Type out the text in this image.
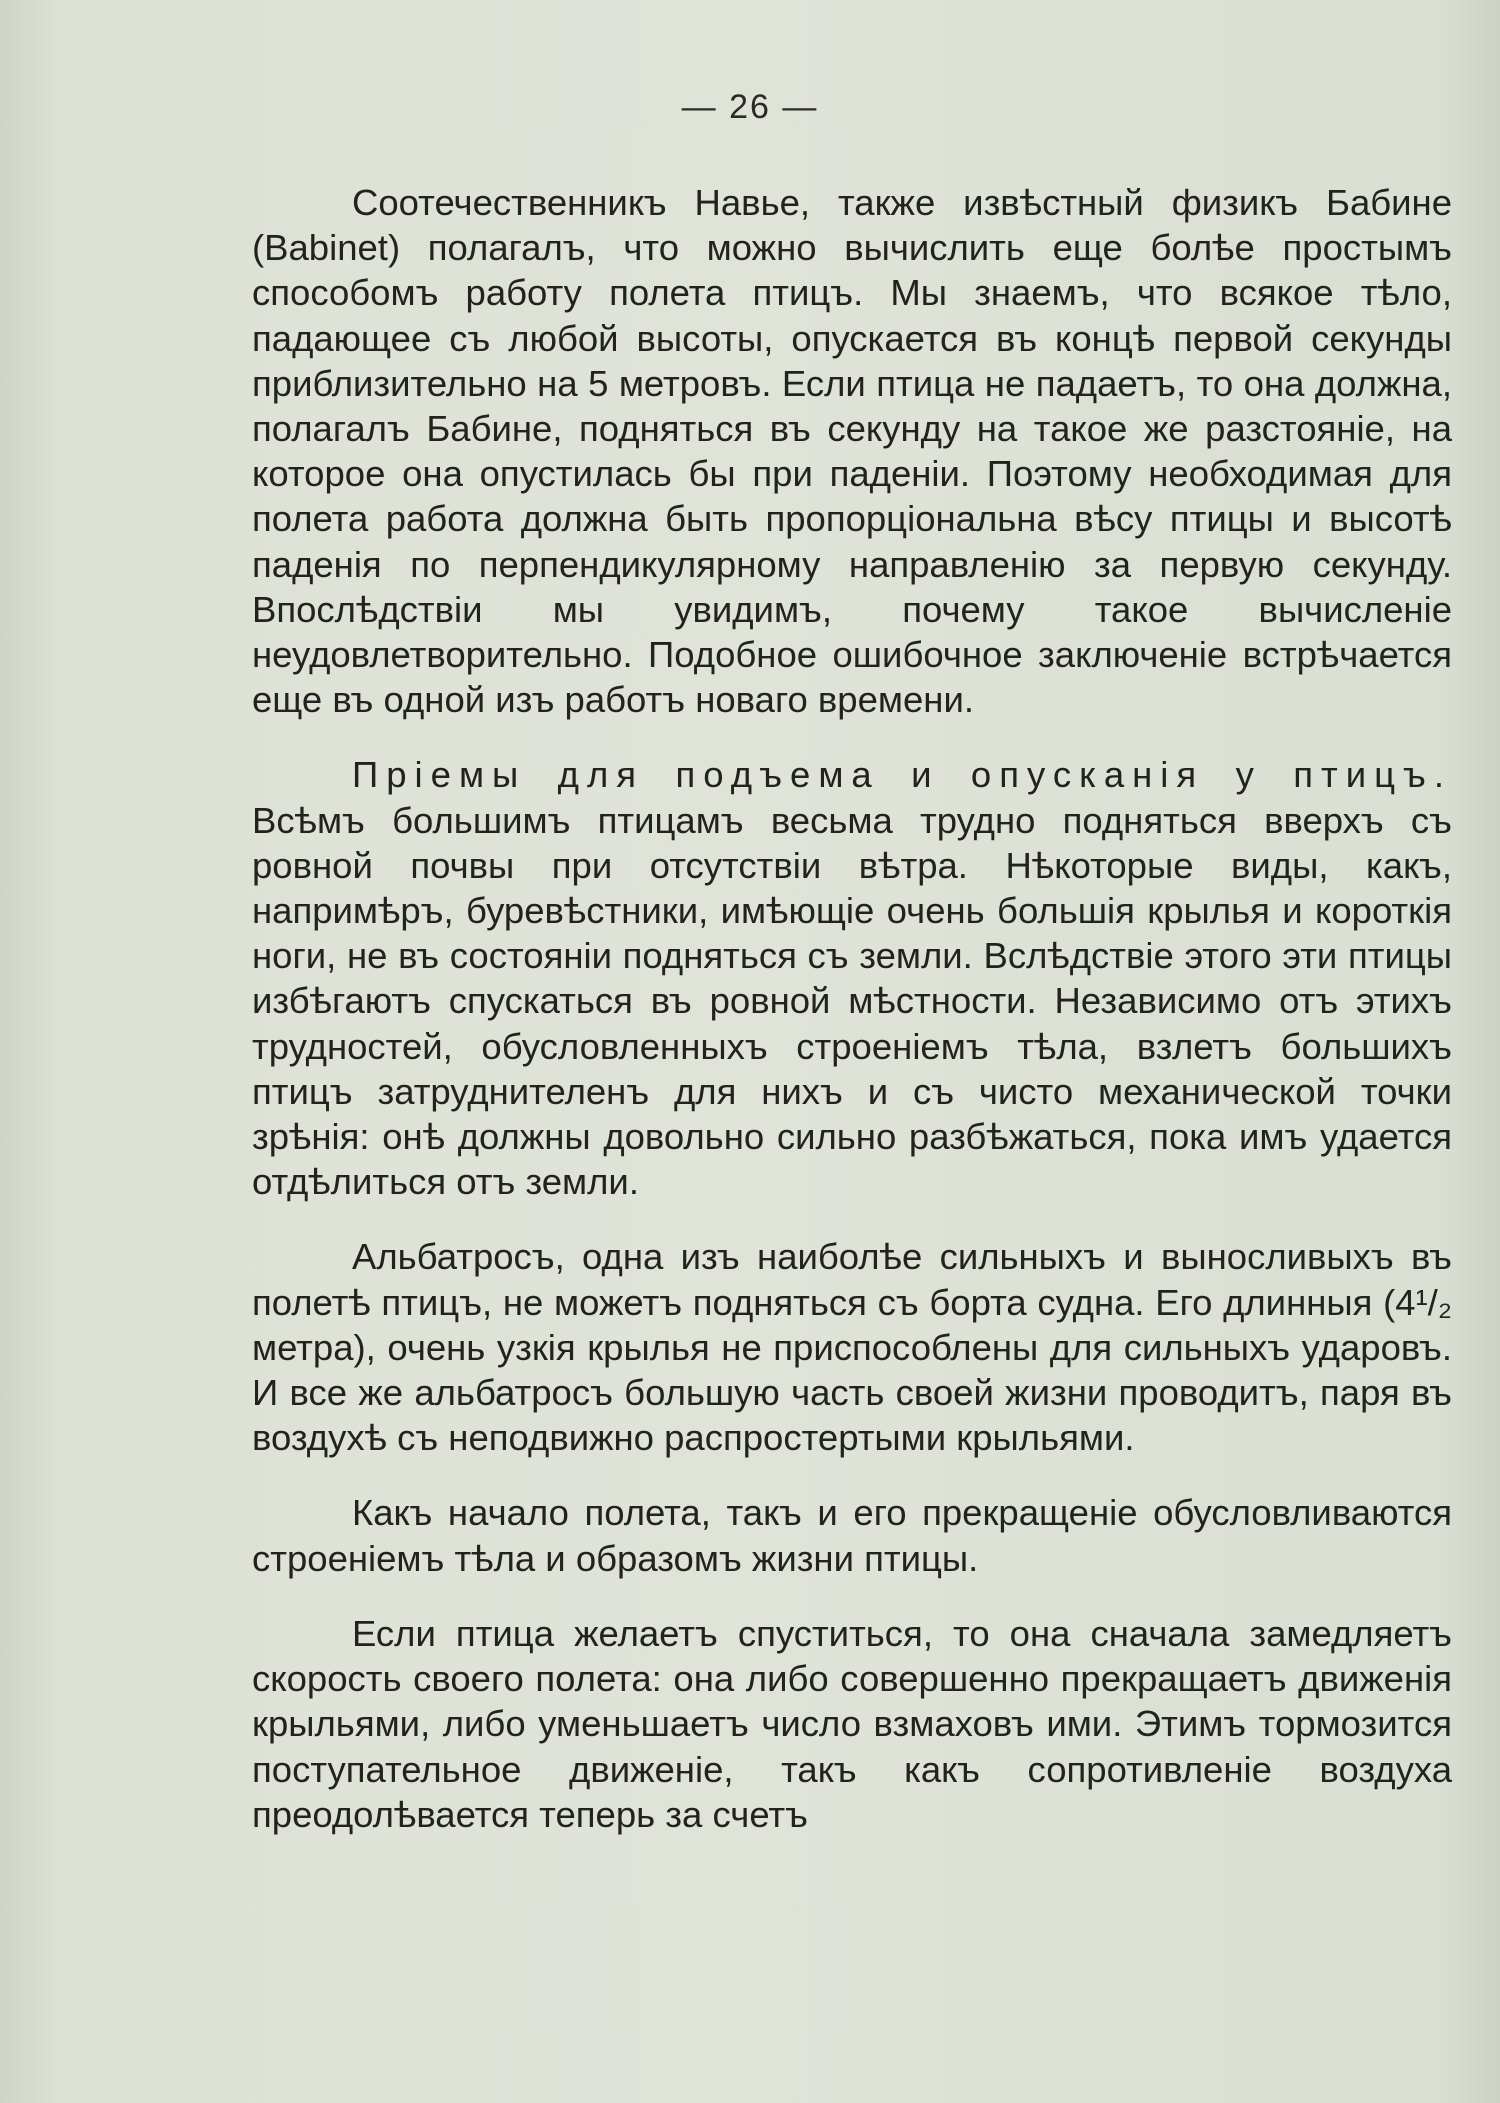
— 26 —

Соотечественникъ Навье, также извѣстный физикъ Бабине (Babinet) полагалъ, что можно вычислить еще болѣе простымъ способомъ работу полета птицъ. Мы знаемъ, что всякое тѣло, падающее съ любой высоты, опускается въ концѣ первой секунды приблизительно на 5 метровъ. Если птица не падаетъ, то она должна, полагалъ Бабине, подняться въ секунду на такое же разстояніе, на которое она опустилась бы при паденіи. Поэтому необходимая для полета работа должна быть пропорціональна вѣсу птицы и высотѣ паденія по перпендикулярному направленію за первую секунду. Впослѣдствіи мы увидимъ, почему такое вычисленіе неудовлетворительно. Подобное ошибочное заключеніе встрѣчается еще въ одной изъ работъ новаго времени.

Пріемы для подъема и опусканія у птицъ. Всѣмъ большимъ птицамъ весьма трудно подняться вверхъ съ ровной почвы при отсутствіи вѣтра. Нѣкоторые виды, какъ, напримѣръ, буревѣстники, имѣющіе очень большія крылья и короткія ноги, не въ состояніи подняться съ земли. Вслѣдствіе этого эти птицы избѣгаютъ спускаться въ ровной мѣстности. Независимо отъ этихъ трудностей, обусловленныхъ строеніемъ тѣла, взлетъ большихъ птицъ затруднителенъ для нихъ и съ чисто механической точки зрѣнія: онѣ должны довольно сильно разбѣжаться, пока имъ удается отдѣлиться отъ земли.

Альбатросъ, одна изъ наиболѣе сильныхъ и выносливыхъ въ полетѣ птицъ, не можетъ подняться съ борта судна. Его длинныя (4¹/₂ метра), очень узкія крылья не приспособлены для сильныхъ ударовъ. И все же альбатросъ большую часть своей жизни проводитъ, паря въ воздухѣ съ неподвижно распростертыми крыльями.

Какъ начало полета, такъ и его прекращеніе обусловливаются строеніемъ тѣла и образомъ жизни птицы.

Если птица желаетъ спуститься, то она сначала замедляетъ скорость своего полета: она либо совершенно прекращаетъ движенія крыльями, либо уменьшаетъ число взмаховъ ими. Этимъ тормозится поступательное движеніе, такъ какъ сопротивленіе воздуха преодолѣвается теперь за счетъ
